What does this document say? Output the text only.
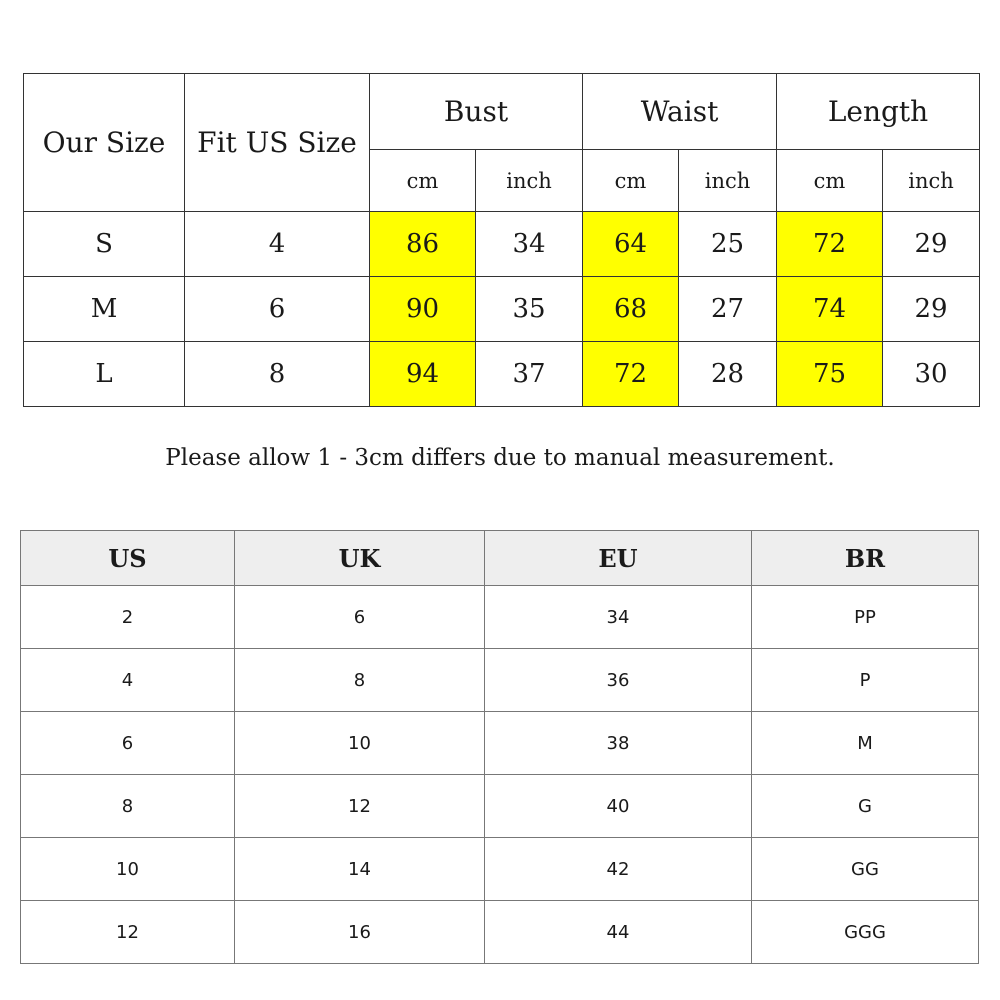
Our Size	Fit US Size	Bust		Waist		Length	
		cm	inch	cm	inch	cm	inch
S	4	86	34	64	25	72	29
M	6	90	35	68	27	74	29
L	8	94	37	72	28	75	30
Please allow 1 - 3cm differs due to manual measurement.
US	UK	EU	BR
2	6	34	PP
4	8	36	P
6	10	38	M
8	12	40	G
10	14	42	GG
12	16	44	GGG
